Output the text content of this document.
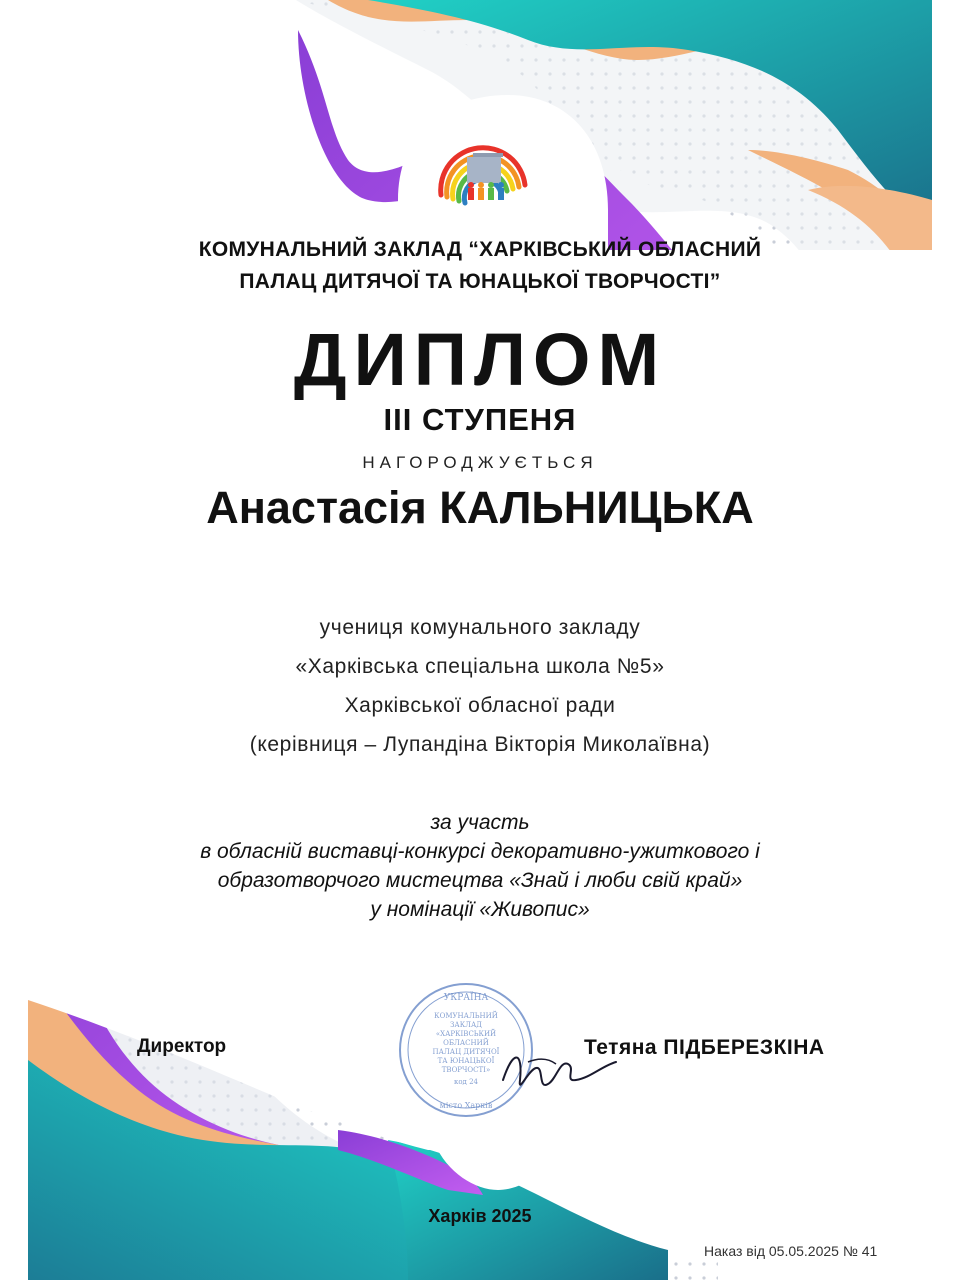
КОМУНАЛЬНИЙ ЗАКЛАД “ХАРКІВСЬКИЙ ОБЛАСНИЙ
ПАЛАЦ ДИТЯЧОЇ ТА ЮНАЦЬКОЇ ТВОРЧОСТІ”
ДИПЛОМ
ІІІ СТУПЕНЯ
НАГОРОДЖУЄТЬСЯ
Анастасія КАЛЬНИЦЬКА
учениця комунального закладу
«Харківська спеціальна школа №5»
Харківської обласної ради
(керівниця – Лупандіна Вікторія Миколаївна)
за участь
в обласній виставці-конкурсі декоративно-ужиткового і
образотворчого мистецтва «Знай і люби свій край»
у номінації «Живопис»
УКРАЇНА
КОМУНАЛЬНИЙ
ЗАКЛАД
«ХАРКІВСЬКИЙ
ОБЛАСНИЙ
ПАЛАЦ ДИТЯЧОЇ
ТА ЮНАЦЬКОЇ
ТВОРЧОСТІ»
код 24
місто Харків
Директор	Тетяна ПІДБЕРЕЗКІНА
Харків 2025
Наказ від 05.05.2025 № 41
